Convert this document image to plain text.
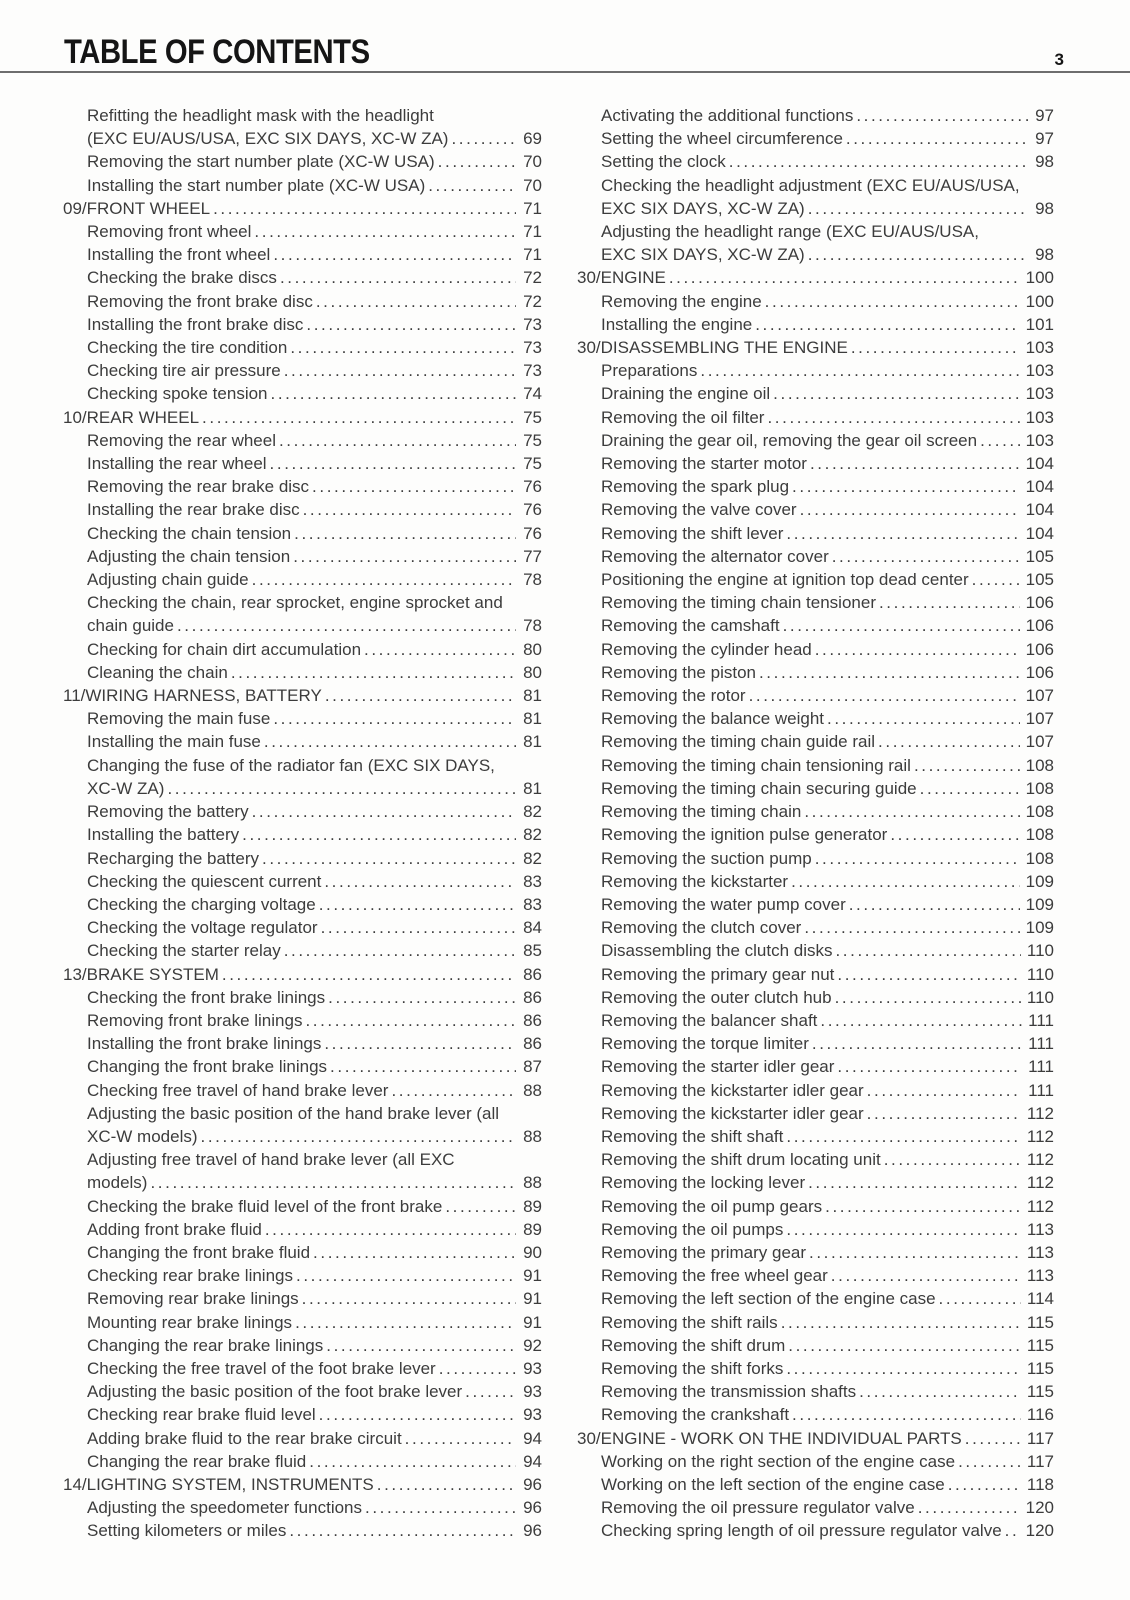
TABLE OF CONTENTS	3
Refitting the headlight mask with the headlight
(EXC EU/AUS/USA, EXC SIX DAYS, XC-W ZA) .....	69
Removing the start number plate (XC-W USA) .....	70
Installing the start number plate (XC-W USA) .....	70
09/FRONT WHEEL .....	71
Removing front wheel .....	71
Installing the front wheel .....	71
Checking the brake discs .....	72
Removing the front brake disc .....	72
Installing the front brake disc .....	73
Checking the tire condition .....	73
Checking tire air pressure .....	73
Checking spoke tension .....	74
10/REAR WHEEL .....	75
Removing the rear wheel .....	75
Installing the rear wheel .....	75
Removing the rear brake disc .....	76
Installing the rear brake disc .....	76
Checking the chain tension .....	76
Adjusting the chain tension .....	77
Adjusting chain guide .....	78
Checking the chain, rear sprocket, engine sprocket and
chain guide .....	78
Checking for chain dirt accumulation .....	80
Cleaning the chain .....	80
11/WIRING HARNESS, BATTERY .....	81
Removing the main fuse .....	81
Installing the main fuse .....	81
Changing the fuse of the radiator fan (EXC SIX DAYS,
XC-W ZA) .....	81
Removing the battery .....	82
Installing the battery .....	82
Recharging the battery .....	82
Checking the quiescent current .....	83
Checking the charging voltage .....	83
Checking the voltage regulator .....	84
Checking the starter relay .....	85
13/BRAKE SYSTEM .....	86
Checking the front brake linings .....	86
Removing front brake linings .....	86
Installing the front brake linings .....	86
Changing the front brake linings .....	87
Checking free travel of hand brake lever .....	88
Adjusting the basic position of the hand brake lever (all
XC-W models) .....	88
Adjusting free travel of hand brake lever (all EXC
models) .....	88
Checking the brake fluid level of the front brake .....	89
Adding front brake fluid .....	89
Changing the front brake fluid .....	90
Checking rear brake linings .....	91
Removing rear brake linings .....	91
Mounting rear brake linings .....	91
Changing the rear brake linings .....	92
Checking the free travel of the foot brake lever .....	93
Adjusting the basic position of the foot brake lever .....	93
Checking rear brake fluid level .....	93
Adding brake fluid to the rear brake circuit .....	94
Changing the rear brake fluid .....	94
14/LIGHTING SYSTEM, INSTRUMENTS .....	96
Adjusting the speedometer functions .....	96
Setting kilometers or miles .....	96
Activating the additional functions .....	97
Setting the wheel circumference .....	97
Setting the clock .....	98
Checking the headlight adjustment (EXC EU/AUS/USA,
EXC SIX DAYS, XC-W ZA) .....	98
Adjusting the headlight range (EXC EU/AUS/USA,
EXC SIX DAYS, XC-W ZA) .....	98
30/ENGINE .....	100
Removing the engine .....	100
Installing the engine .....	101
30/DISASSEMBLING THE ENGINE .....	103
Preparations .....	103
Draining the engine oil .....	103
Removing the oil filter .....	103
Draining the gear oil, removing the gear oil screen .....	103
Removing the starter motor .....	104
Removing the spark plug .....	104
Removing the valve cover .....	104
Removing the shift lever .....	104
Removing the alternator cover .....	105
Positioning the engine at ignition top dead center .....	105
Removing the timing chain tensioner .....	106
Removing the camshaft .....	106
Removing the cylinder head .....	106
Removing the piston .....	106
Removing the rotor .....	107
Removing the balance weight .....	107
Removing the timing chain guide rail .....	107
Removing the timing chain tensioning rail .....	108
Removing the timing chain securing guide .....	108
Removing the timing chain .....	108
Removing the ignition pulse generator .....	108
Removing the suction pump .....	108
Removing the kickstarter .....	109
Removing the water pump cover .....	109
Removing the clutch cover .....	109
Disassembling the clutch disks .....	110
Removing the primary gear nut .....	110
Removing the outer clutch hub .....	110
Removing the balancer shaft .....	111
Removing the torque limiter .....	111
Removing the starter idler gear .....	111
Removing the kickstarter idler gear .....	111
Removing the kickstarter idler gear .....	112
Removing the shift shaft .....	112
Removing the shift drum locating unit .....	112
Removing the locking lever .....	112
Removing the oil pump gears .....	112
Removing the oil pumps .....	113
Removing the primary gear .....	113
Removing the free wheel gear .....	113
Removing the left section of the engine case .....	114
Removing the shift rails .....	115
Removing the shift drum .....	115
Removing the shift forks .....	115
Removing the transmission shafts .....	115
Removing the crankshaft .....	116
30/ENGINE - WORK ON THE INDIVIDUAL PARTS .....	117
Working on the right section of the engine case .....	117
Working on the left section of the engine case .....	118
Removing the oil pressure regulator valve .....	120
Checking spring length of oil pressure regulator valve ..... 120
